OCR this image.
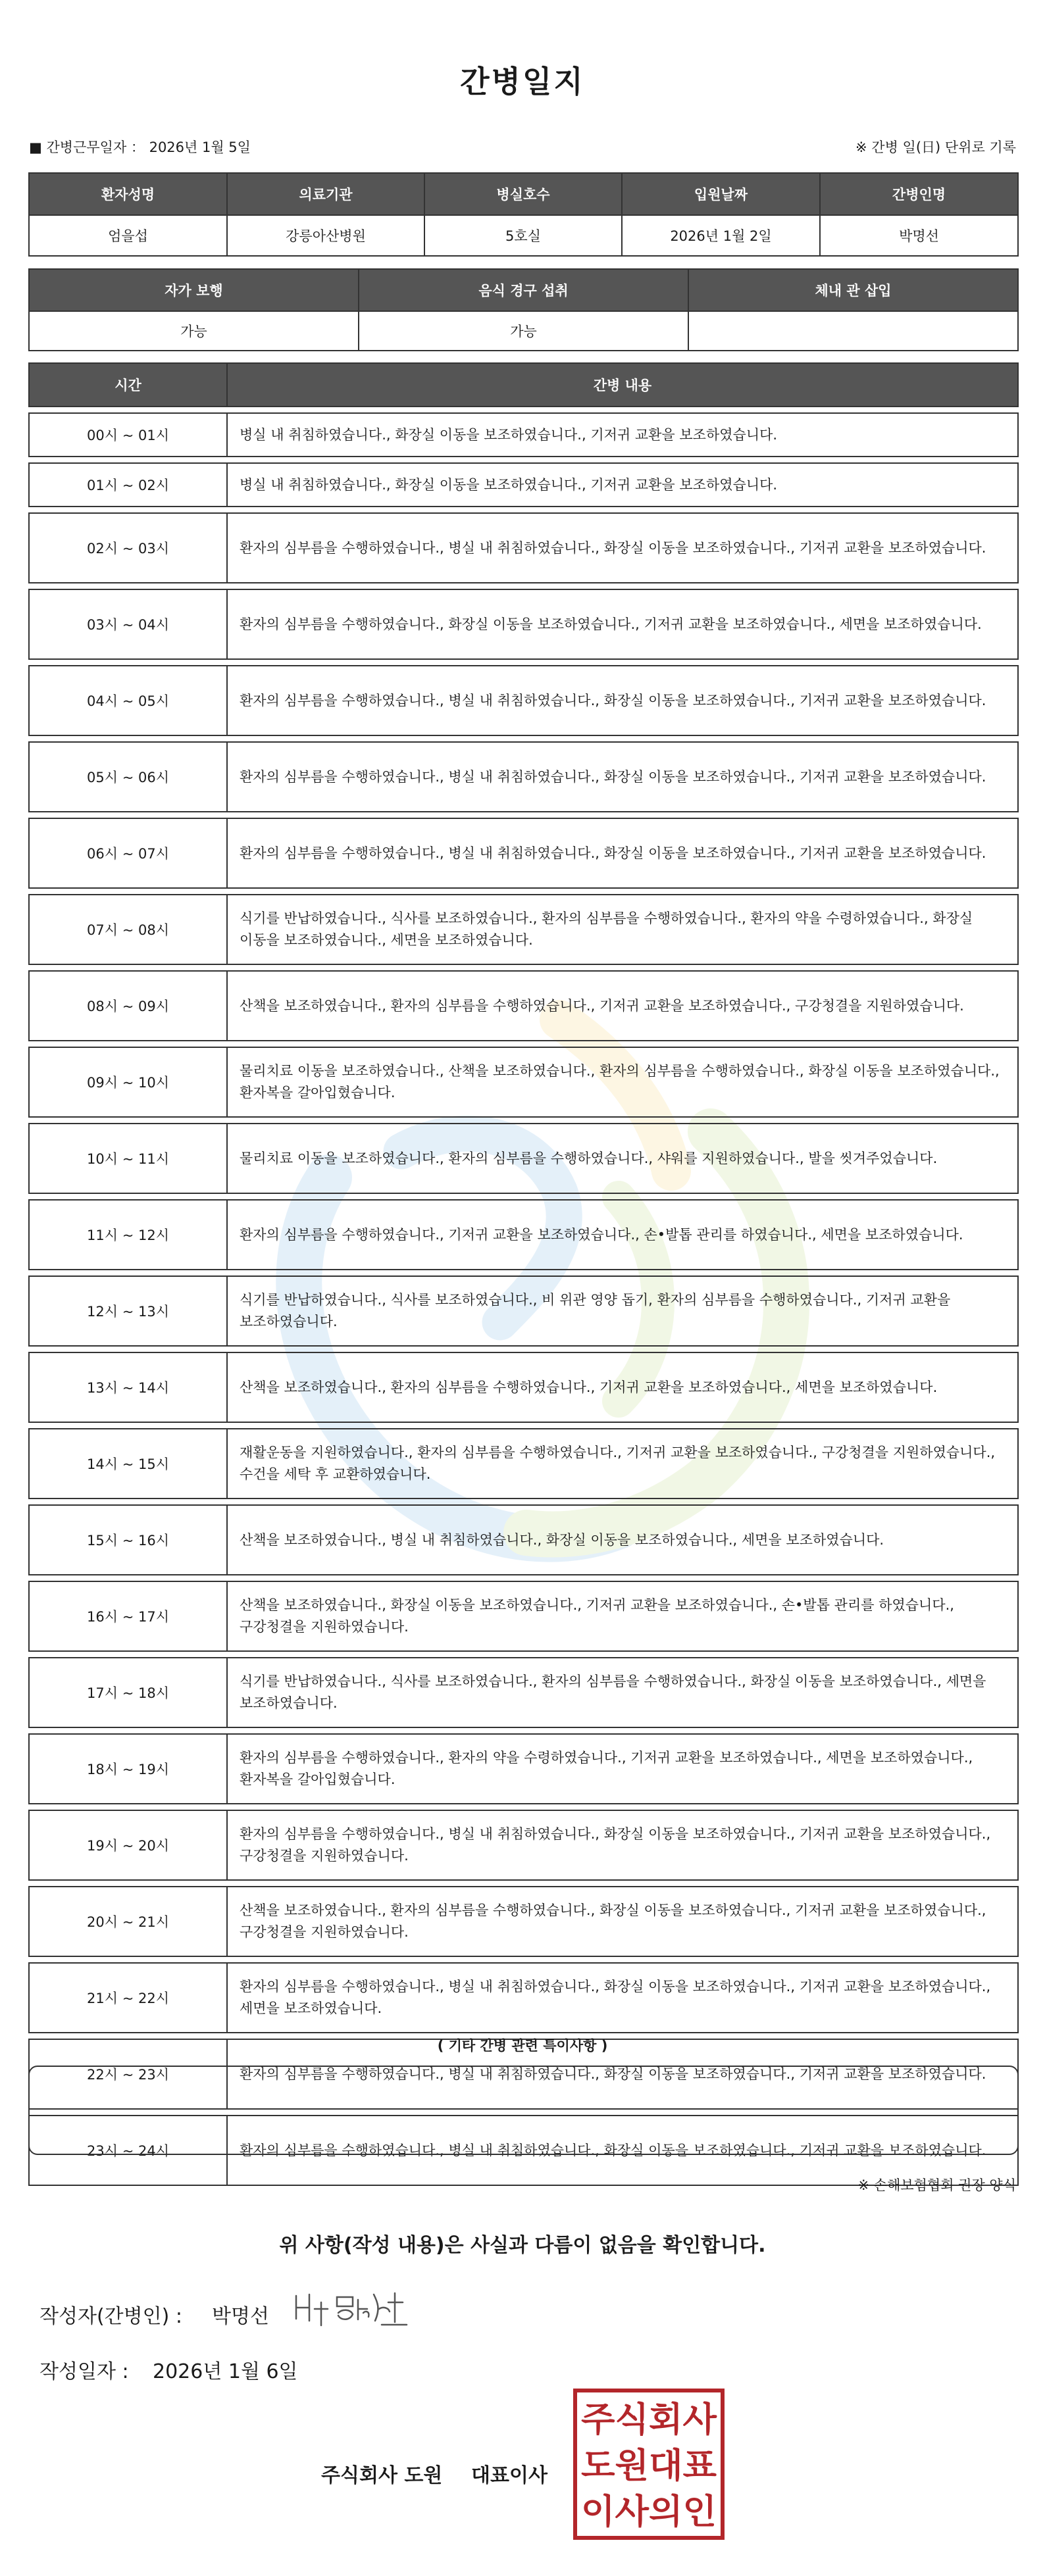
간병일지
■ 간병근무일자 ： 2026년 1월 5일	※ 간병 일(日) 단위로 기록
환자성명	의료기관	병실호수	입원날짜	간병인명
엄을섭	강릉아산병원	5호실	2026년 1월 2일	박명선
자가 보행	음식 경구 섭취	체내 관 삽입
가능	가능	
시간	간병 내용

00시 ~ 01시	병실 내 취침하였습니다., 화장실 이동을 보조하였습니다., 기저귀 교환을 보조하였습니다.

01시 ~ 02시	병실 내 취침하였습니다., 화장실 이동을 보조하였습니다., 기저귀 교환을 보조하였습니다.

02시 ~ 03시	환자의 심부름을 수행하였습니다., 병실 내 취침하였습니다., 화장실 이동을 보조하였습니다., 기저귀 교환을 보조하였습니다.

03시 ~ 04시	환자의 심부름을 수행하였습니다., 화장실 이동을 보조하였습니다., 기저귀 교환을 보조하였습니다., 세면을 보조하였습니다.

04시 ~ 05시	환자의 심부름을 수행하였습니다., 병실 내 취침하였습니다., 화장실 이동을 보조하였습니다., 기저귀 교환을 보조하였습니다.

05시 ~ 06시	환자의 심부름을 수행하였습니다., 병실 내 취침하였습니다., 화장실 이동을 보조하였습니다., 기저귀 교환을 보조하였습니다.

06시 ~ 07시	환자의 심부름을 수행하였습니다., 병실 내 취침하였습니다., 화장실 이동을 보조하였습니다., 기저귀 교환을 보조하였습니다.

07시 ~ 08시	식기를 반납하였습니다., 식사를 보조하였습니다., 환자의 심부름을 수행하였습니다., 환자의 약을 수령하였습니다., 화장실 이동을 보조하였습니다., 세면을 보조하였습니다.

08시 ~ 09시	산책을 보조하였습니다., 환자의 심부름을 수행하였습니다., 기저귀 교환을 보조하였습니다., 구강청결을 지원하였습니다.

09시 ~ 10시	물리치료 이동을 보조하였습니다., 산책을 보조하였습니다., 환자의 심부름을 수행하였습니다., 화장실 이동을 보조하였습니다., 환자복을 갈아입혔습니다.

10시 ~ 11시	물리치료 이동을 보조하였습니다., 환자의 심부름을 수행하였습니다., 샤워를 지원하였습니다., 발을 씻겨주었습니다.

11시 ~ 12시	환자의 심부름을 수행하였습니다., 기저귀 교환을 보조하였습니다., 손•발톱 관리를 하였습니다., 세면을 보조하였습니다.

12시 ~ 13시	식기를 반납하였습니다., 식사를 보조하였습니다., 비 위관 영양 돕기, 환자의 심부름을 수행하였습니다., 기저귀 교환을 보조하였습니다.

13시 ~ 14시	산책을 보조하였습니다., 환자의 심부름을 수행하였습니다., 기저귀 교환을 보조하였습니다., 세면을 보조하였습니다.

14시 ~ 15시	재활운동을 지원하였습니다., 환자의 심부름을 수행하였습니다., 기저귀 교환을 보조하였습니다., 구강청결을 지원하였습니다., 수건을 세탁 후 교환하였습니다.

15시 ~ 16시	산책을 보조하였습니다., 병실 내 취침하였습니다., 화장실 이동을 보조하였습니다., 세면을 보조하였습니다.

16시 ~ 17시	산책을 보조하였습니다., 화장실 이동을 보조하였습니다., 기저귀 교환을 보조하였습니다., 손•발톱 관리를 하였습니다., 구강청결을 지원하였습니다.

17시 ~ 18시	식기를 반납하였습니다., 식사를 보조하였습니다., 환자의 심부름을 수행하였습니다., 화장실 이동을 보조하였습니다., 세면을 보조하였습니다.

18시 ~ 19시	환자의 심부름을 수행하였습니다., 환자의 약을 수령하였습니다., 기저귀 교환을 보조하였습니다., 세면을 보조하였습니다., 환자복을 갈아입혔습니다.

19시 ~ 20시	환자의 심부름을 수행하였습니다., 병실 내 취침하였습니다., 화장실 이동을 보조하였습니다., 기저귀 교환을 보조하였습니다., 구강청결을 지원하였습니다.

20시 ~ 21시	산책을 보조하였습니다., 환자의 심부름을 수행하였습니다., 화장실 이동을 보조하였습니다., 기저귀 교환을 보조하였습니다., 구강청결을 지원하였습니다.

21시 ~ 22시	환자의 심부름을 수행하였습니다., 병실 내 취침하였습니다., 화장실 이동을 보조하였습니다., 기저귀 교환을 보조하였습니다., 세면을 보조하였습니다.

22시 ~ 23시	환자의 심부름을 수행하였습니다., 병실 내 취침하였습니다., 화장실 이동을 보조하였습니다., 기저귀 교환을 보조하였습니다.

23시 ~ 24시	환자의 심부름을 수행하였습니다., 병실 내 취침하였습니다., 화장실 이동을 보조하였습니다., 기저귀 교환을 보조하였습니다.
( 기타 간병 관련 특이사항 )
※ 손해보험협회 권장 양식
위 사항(작성 내용)은 사실과 다름이 없음을 확인합니다.
작성자(간병인) : 박명선
작성일자 : 2026년 1월 6일
주식회사 도원 대표이사
주식회사
도원대표
이사의인
